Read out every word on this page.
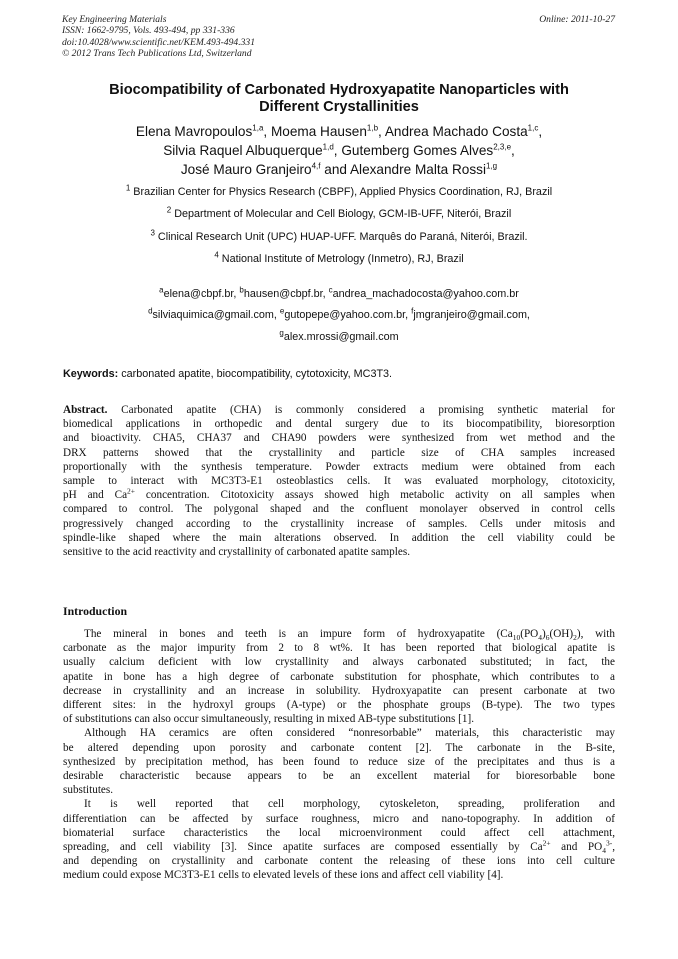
Key Engineering Materials
ISSN: 1662-9795, Vols. 493-494, pp 331-336
doi:10.4028/www.scientific.net/KEM.493-494.331
© 2012 Trans Tech Publications Ltd, Switzerland
Online: 2011-10-27
Biocompatibility of Carbonated Hydroxyapatite Nanoparticles with
Different Crystallinities
Elena Mavropoulos$^{1,a}$, Moema Hausen$^{1,b}$, Andrea Machado Costa$^{1,c}$,
Silvia Raquel Albuquerque$^{1,d}$, Gutemberg Gomes Alves$^{2,3,e}$,
José Mauro Granjeiro$^{4,f}$ and Alexandre Malta Rossi$^{1,g}$
$^1$ Brazilian Center for Physics Research (CBPF), Applied Physics Coordination, RJ, Brazil
$^2$ Department of Molecular and Cell Biology, GCM-IB-UFF, Niterói, Brazil
$^3$ Clinical Research Unit (UPC) HUAP-UFF. Marquês do Paraná, Niterói, Brazil.
$^4$ National Institute of Metrology (Inmetro), RJ, Brazil
$^a$elena@cbpf.br, $^b$hausen@cbpf.br, $^c$andrea_machadocosta@yahoo.com.br
$^d$silviaquimica@gmail.com, $^e$gutopepe@yahoo.com.br, $^f$jmgranjeiro@gmail.com,
$^g$alex.mrossi@gmail.com
Keywords: carbonated apatite, biocompatibility, cytotoxicity, MC3T3.
Abstract. Carbonated apatite (CHA) is commonly considered a promising synthetic material for
biomedical applications in orthopedic and dental surgery due to its biocompatibility, bioresorption
and bioactivity. CHA5, CHA37 and CHA90 powders were synthesized from wet method and the
DRX patterns showed that the crystallinity and particle size of CHA samples increased
proportionally with the synthesis temperature. Powder extracts medium were obtained from each
sample to interact with MC3T3-E1 osteoblastics cells. It was evaluated morphology, citotoxicity,
pH and $Ca^{2+}$ concentration. Citotoxicity assays showed high metabolic activity on all samples when
compared to control. The polygonal shaped and the confluent monolayer observed in control cells
progressively changed according to the crystallinity increase of samples. Cells under mitosis and
spindle-like shaped where the main alterations observed. In addition the cell viability could be
sensitive to the acid reactivity and crystallinity of carbonated apatite samples.
Introduction
The mineral in bones and teeth is an impure form of hydroxyapatite $(Ca_{10}(PO_4)_6(OH)_2)$, with
carbonate as the major impurity from 2 to 8 wt%. It has been reported that biological apatite is
usually calcium deficient with low crystallinity and always carbonated substituted; in fact, the
apatite in bone has a high degree of carbonate substitution for phosphate, which contributes to a
decrease in crystallinity and an increase in solubility. Hydroxyapatite can present carbonate at two
different sites: in the hydroxyl groups (A-type) or the phosphate groups (B-type). The two types
of substitutions can also occur simultaneously, resulting in mixed AB-type substitutions [1].
Although HA ceramics are often considered “nonresorbable” materials, this characteristic may
be altered depending upon porosity and carbonate content [2]. The carbonate in the B-site,
synthesized by precipitation method, has been found to reduce size of the precipitates and thus is a
desirable characteristic because appears to be an excellent material for bioresorbable bone
substitutes.
It is well reported that cell morphology, cytoskeleton, spreading, proliferation and
differentiation can be affected by surface roughness, micro and nano-topography. In addition of
biomaterial surface characteristics the local microenvironment could affect cell attachment,
spreading, and cell viability [3]. Since apatite surfaces are composed essentially by $Ca^{2+}$ and $PO_4^{3-}$,
and depending on crystallinity and carbonate content the releasing of these ions into cell culture
medium could expose MC3T3-E1 cells to elevated levels of these ions and affect cell viability [4].
